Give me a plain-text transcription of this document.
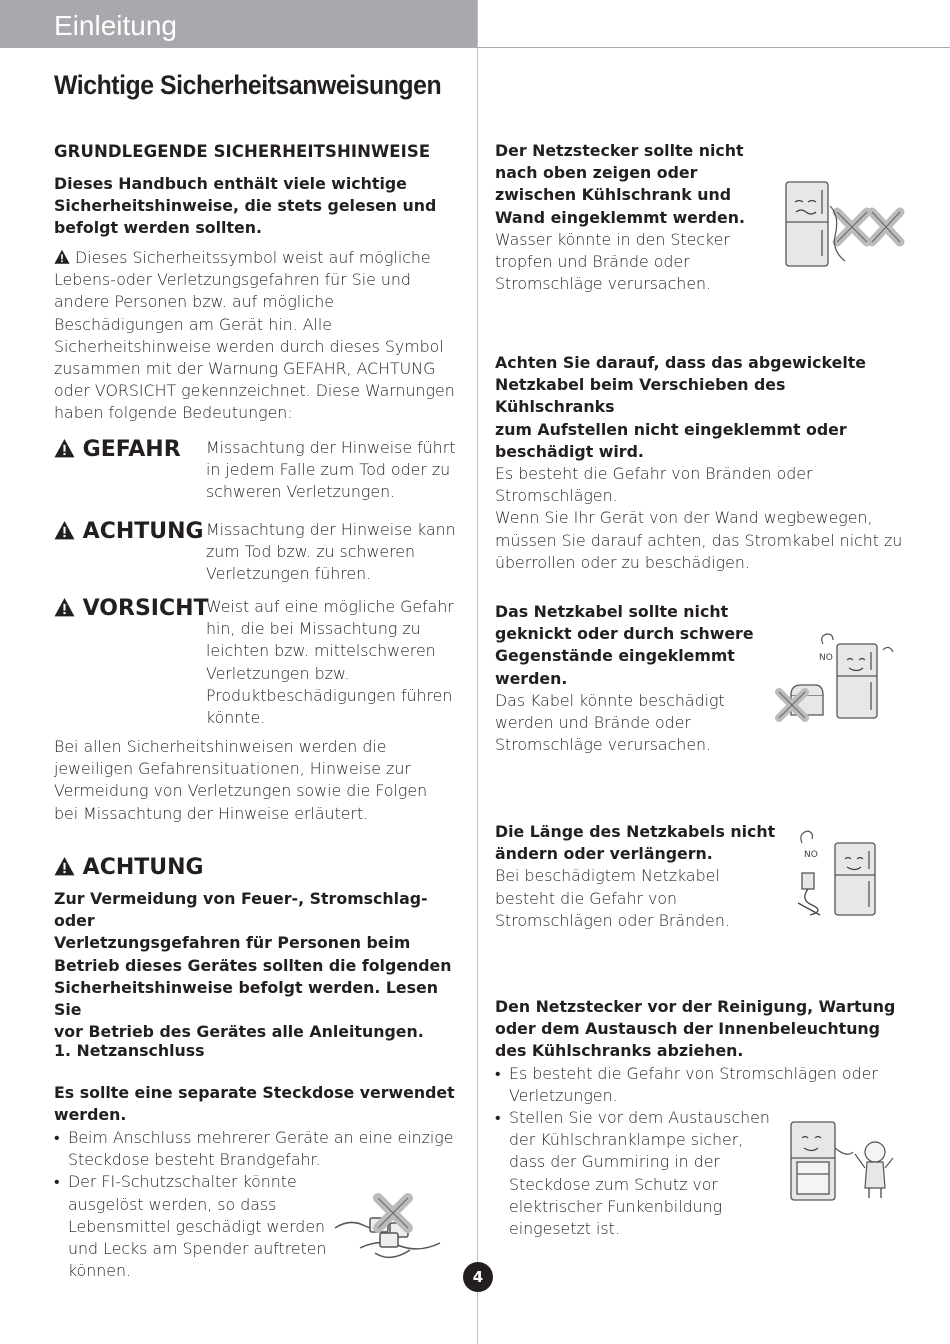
Einleitung
Wichtige Sicherheitsanweisungen
GRUNDLEGENDE SICHERHEITSHINWEISE
Dieses Handbuch enthält viele wichtige
Sicherheitshinweise, die stets gelesen und
befolgt werden sollten.
Dieses Sicherheitssymbol weist auf mögliche
Lebens-oder Verletzungsgefahren für Sie und
andere Personen bzw. auf mögliche
Beschädigungen am Gerät hin. Alle
Sicherheitshinweise werden durch dieses Symbol
zusammen mit der Warnung GEFAHR, ACHTUNG
oder VORSICHT gekennzeichnet. Diese Warnungen
haben folgende Bedeutungen:
GEFAHR Missachtung der Hinweise führt
in jedem Falle zum Tod oder zu
schweren Verletzungen.
ACHTUNG Missachtung der Hinweise kann
zum Tod bzw. zu schweren
Verletzungen führen.
VORSICHT
Weist auf eine mögliche Gefahr
hin, die bei Missachtung zu
leichten bzw. mittelschweren
Verletzungen bzw.
Produktbeschädigungen führen
könnte.
Bei allen Sicherheitshinweisen werden die
jeweiligen Gefahrensituationen, Hinweise zur
Vermeidung von Verletzungen sowie die Folgen
bei Missachtung der Hinweise erläutert.
ACHTUNG
Zur Vermeidung von Feuer-, Stromschlag- oder
Verletzungsgefahren für Personen beim
Betrieb dieses Gerätes sollten die folgenden
Sicherheitshinweise befolgt werden. Lesen Sie
vor Betrieb des Gerätes alle Anleitungen.
1. Netzanschluss
Es sollte eine separate Steckdose verwendet
werden.
• Beim Anschluss mehrerer Geräte an eine einzige
Steckdose besteht Brandgefahr.
• Der FI-Schutzschalter könnte
ausgelöst werden, so dass
Lebensmittel geschädigt werden
und Lecks am Spender auftreten
können.
Der Netzstecker sollte nicht
nach oben zeigen oder
zwischen Kühlschrank und
Wand eingeklemmt werden.
Wasser könnte in den Stecker
tropfen und Brände oder
Stromschläge verursachen.
Achten Sie darauf, dass das abgewickelte
Netzkabel beim Verschieben des Kühlschranks
zum Aufstellen nicht eingeklemmt oder
beschädigt wird.
Es besteht die Gefahr von Bränden oder
Stromschlägen.
Wenn Sie Ihr Gerät von der Wand wegbewegen,
müssen Sie darauf achten, das Stromkabel nicht zu
überrollen oder zu beschädigen.
Das Netzkabel sollte nicht
geknickt oder durch schwere
Gegenstände eingeklemmt
werden.
Das Kabel könnte beschädigt
werden und Brände oder
Stromschläge verursachen.
NO
Die Länge des Netzkabels nicht
ändern oder verlängern.
Bei beschädigtem Netzkabel
besteht die Gefahr von
Stromschlägen oder Bränden.
NO
Den Netzstecker vor der Reinigung, Wartung
oder dem Austausch der Innenbeleuchtung
des Kühlschranks abziehen.
• Es besteht die Gefahr von Stromschlägen oder
Verletzungen.
• Stellen Sie vor dem Austauschen
der Kühlschranklampe sicher,
dass der Gummiring in der
Steckdose zum Schutz vor
elektrischer Funkenbildung
eingesetzt ist.
4
